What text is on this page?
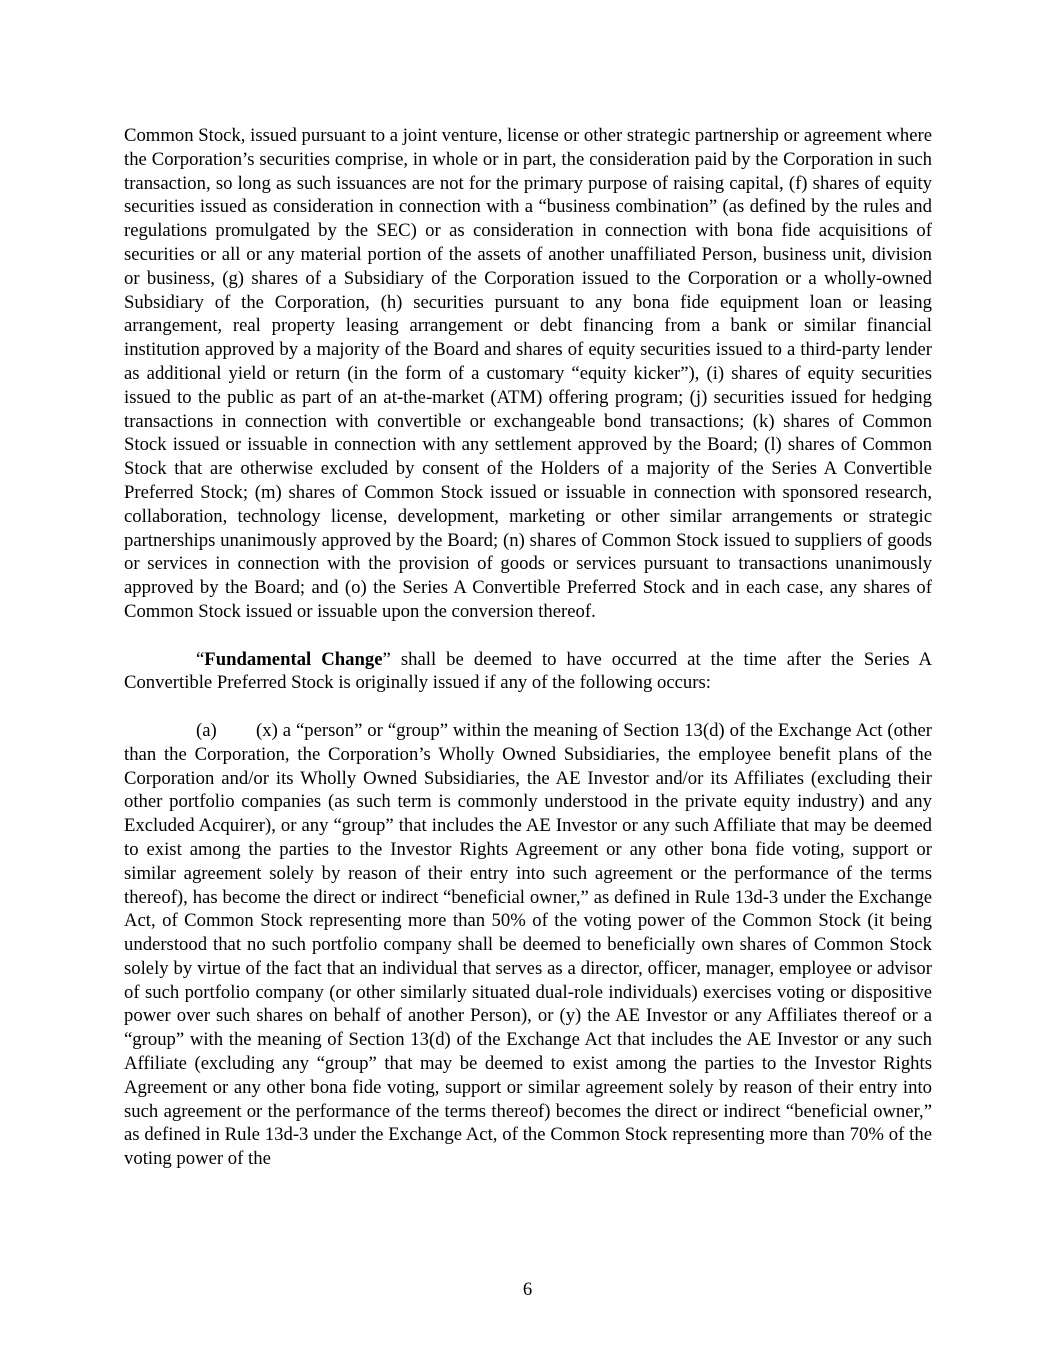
Common Stock, issued pursuant to a joint venture, license or other strategic partnership or agreement where the Corporation’s securities comprise, in whole or in part, the consideration paid by the Corporation in such transaction, so long as such issuances are not for the primary purpose of raising capital, (f) shares of equity securities issued as consideration in connection with a “business combination” (as defined by the rules and regulations promulgated by the SEC) or as consideration in connection with bona fide acquisitions of securities or all or any material portion of the assets of another unaffiliated Person, business unit, division or business, (g) shares of a Subsidiary of the Corporation issued to the Corporation or a wholly-owned Subsidiary of the Corporation, (h) securities pursuant to any bona fide equipment loan or leasing arrangement, real property leasing arrangement or debt financing from a bank or similar financial institution approved by a majority of the Board and shares of equity securities issued to a third-party lender as additional yield or return (in the form of a customary “equity kicker”), (i) shares of equity securities issued to the public as part of an at-the-market (ATM) offering program; (j) securities issued for hedging transactions in connection with convertible or exchangeable bond transactions; (k) shares of Common Stock issued or issuable in connection with any settlement approved by the Board; (l) shares of Common Stock that are otherwise excluded by consent of the Holders of a majority of the Series A Convertible Preferred Stock; (m) shares of Common Stock issued or issuable in connection with sponsored research, collaboration, technology license, development, marketing or other similar arrangements or strategic partnerships unanimously approved by the Board; (n) shares of Common Stock issued to suppliers of goods or services in connection with the provision of goods or services pursuant to transactions unanimously approved by the Board; and (o) the Series A Convertible Preferred Stock and in each case, any shares of Common Stock issued or issuable upon the conversion thereof.

“Fundamental Change” shall be deemed to have occurred at the time after the Series A Convertible Preferred Stock is originally issued if any of the following occurs:

(a) (x) a “person” or “group” within the meaning of Section 13(d) of the Exchange Act (other than the Corporation, the Corporation’s Wholly Owned Subsidiaries, the employee benefit plans of the Corporation and/or its Wholly Owned Subsidiaries, the AE Investor and/or its Affiliates (excluding their other portfolio companies (as such term is commonly understood in the private equity industry) and any Excluded Acquirer), or any “group” that includes the AE Investor or any such Affiliate that may be deemed to exist among the parties to the Investor Rights Agreement or any other bona fide voting, support or similar agreement solely by reason of their entry into such agreement or the performance of the terms thereof), has become the direct or indirect “beneficial owner,” as defined in Rule 13d-3 under the Exchange Act, of Common Stock representing more than 50% of the voting power of the Common Stock (it being understood that no such portfolio company shall be deemed to beneficially own shares of Common Stock solely by virtue of the fact that an individual that serves as a director, officer, manager, employee or advisor of such portfolio company (or other similarly situated dual-role individuals) exercises voting or dispositive power over such shares on behalf of another Person), or (y) the AE Investor or any Affiliates thereof or a “group” with the meaning of Section 13(d) of the Exchange Act that includes the AE Investor or any such Affiliate (excluding any “group” that may be deemed to exist among the parties to the Investor Rights Agreement or any other bona fide voting, support or similar agreement solely by reason of their entry into such agreement or the performance of the terms thereof) becomes the direct or indirect “beneficial owner,” as defined in Rule 13d-3 under the Exchange Act, of the Common Stock representing more than 70% of the voting power of the

6
